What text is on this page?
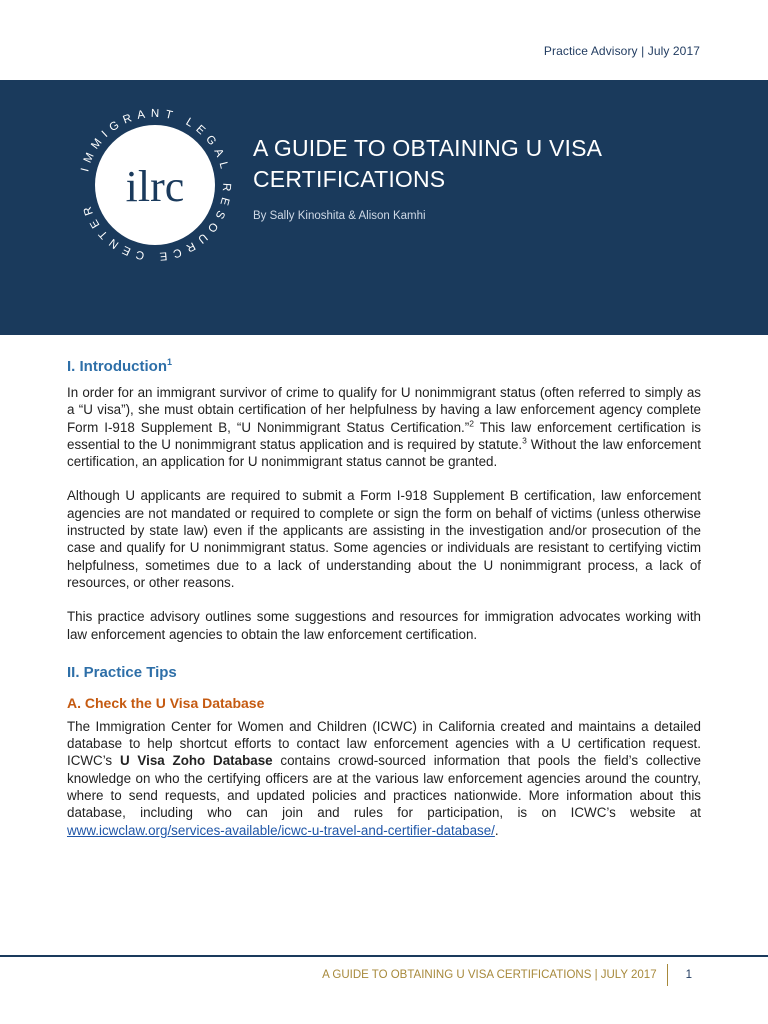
Practice Advisory | July 2017
IMMIGRANT LEGAL RESOURCE CENTER ilrc
A GUIDE TO OBTAINING U VISA CERTIFICATIONS
By Sally Kinoshita & Alison Kamhi
I. Introduction$^1$

In order for an immigrant survivor of crime to qualify for U nonimmigrant status (often referred to simply as a “U visa”), she must obtain certification of her helpfulness by having a law enforcement agency complete Form I-918 Supplement B, “U Nonimmigrant Status Certification.”$^2$ This law enforcement certification is essential to the U nonimmigrant status application and is required by statute.$^3$ Without the law enforcement certification, an application for U nonimmigrant status cannot be granted.

Although U applicants are required to submit a Form I-918 Supplement B certification, law enforcement agencies are not mandated or required to complete or sign the form on behalf of victims (unless otherwise instructed by state law) even if the applicants are assisting in the investigation and/or prosecution of the case and qualify for U nonimmigrant status. Some agencies or individuals are resistant to certifying victim helpfulness, sometimes due to a lack of understanding about the U nonimmigrant process, a lack of resources, or other reasons.

This practice advisory outlines some suggestions and resources for immigration advocates working with law enforcement agencies to obtain the law enforcement certification.

II. Practice Tips
A. Check the U Visa Database

The Immigration Center for Women and Children (ICWC) in California created and maintains a detailed database to help shortcut efforts to contact law enforcement agencies with a U certification request. ICWC’s U Visa Zoho Database contains crowd-sourced information that pools the field’s collective knowledge on who the certifying officers are at the various law enforcement agencies around the country, where to send requests, and updated policies and practices nationwide. More information about this database, including who can join and rules for participation, is on ICWC’s website at www.icwclaw.org/services-available/icwc-u-travel-and-certifier-database/.

A GUIDE TO OBTAINING U VISA CERTIFICATIONS | JULY 2017	1
